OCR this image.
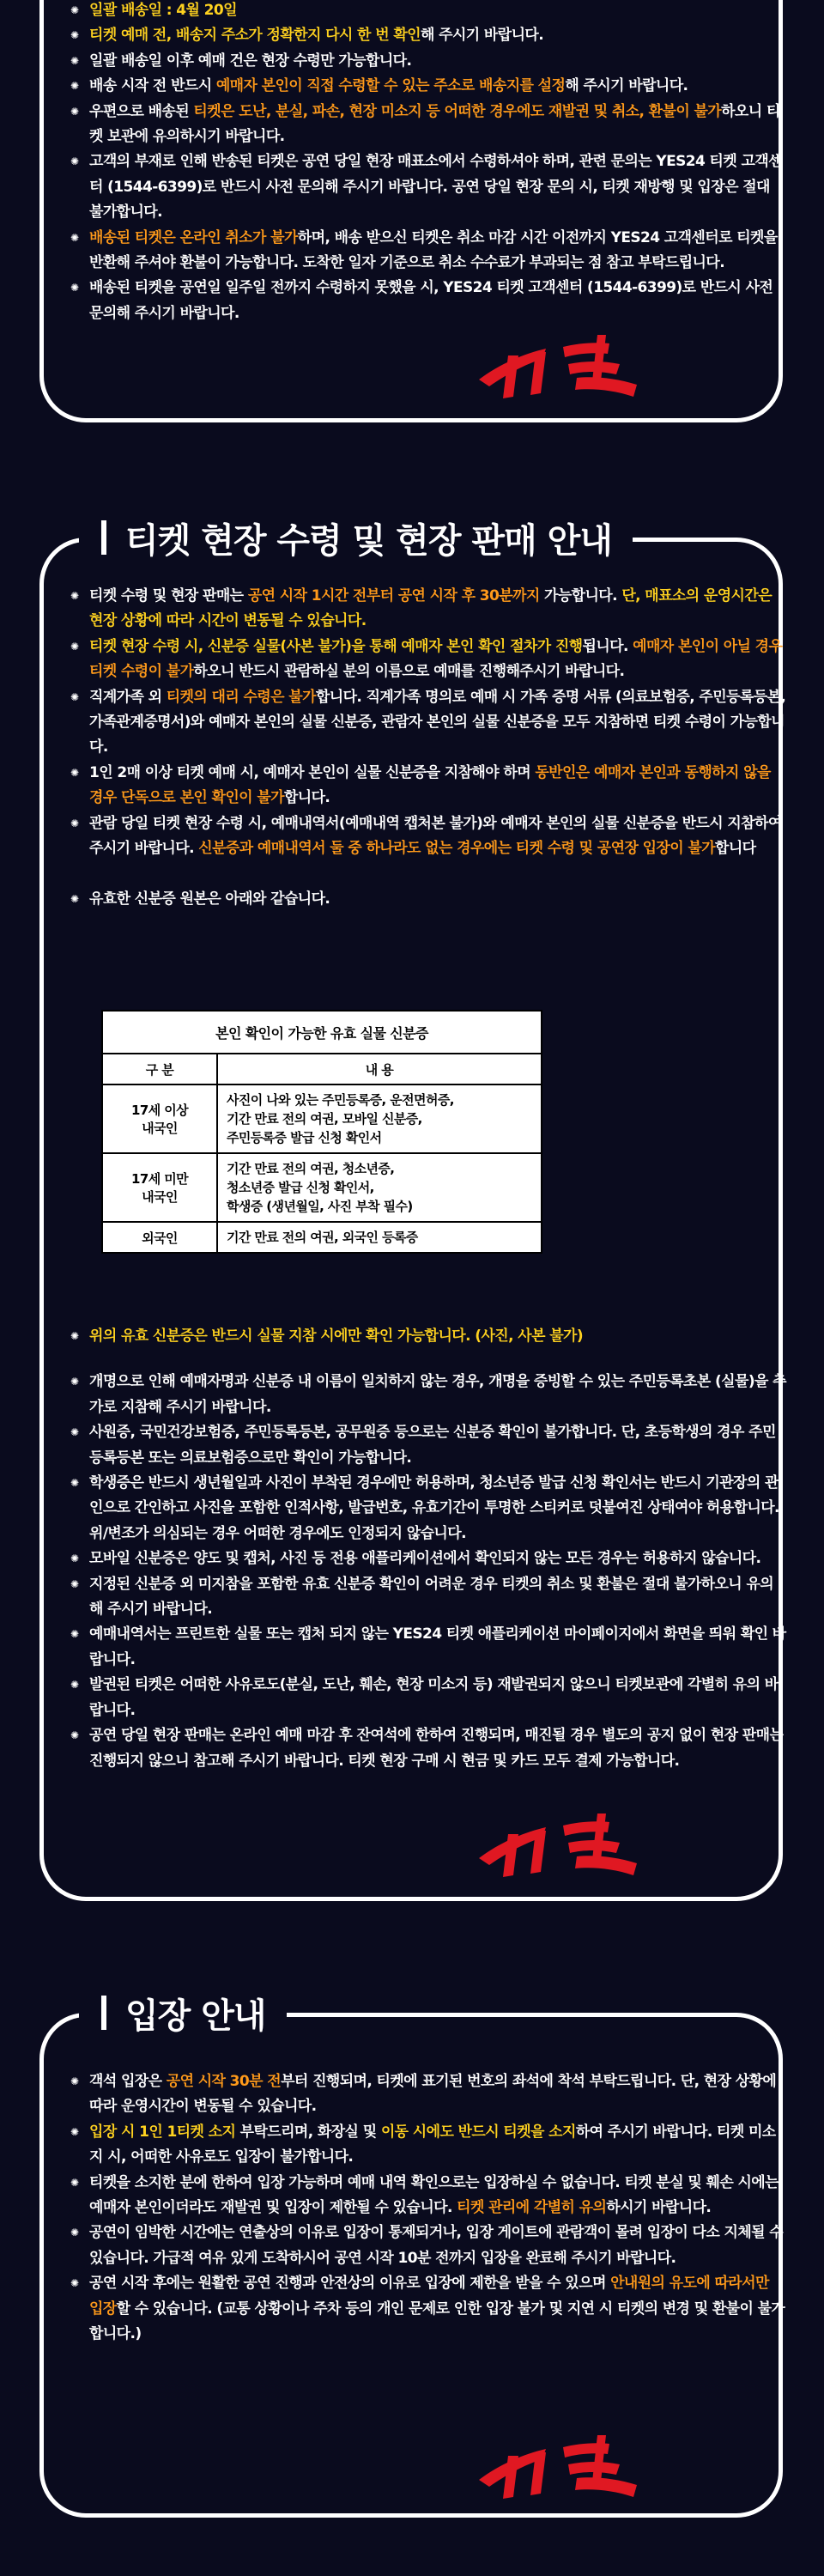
✺ 일괄 배송일 : 4월 20일
✺ 티켓 예매 전, 배송지 주소가 정확한지 다시 한 번 확인해 주시기 바랍니다.
✺ 일괄 배송일 이후 예매 건은 현장 수령만 가능합니다.
✺ 배송 시작 전 반드시 예매자 본인이 직접 수령할 수 있는 주소로 배송지를 설정해 주시기 바랍니다.
✺ 우편으로 배송된 티켓은 도난, 분실, 파손, 현장 미소지 등 어떠한 경우에도 재발권 및 취소, 환불이 불가하오니 티켓 보관에 유의하시기 바랍니다.
✺ 고객의 부재로 인해 반송된 티켓은 공연 당일 현장 매표소에서 수령하셔야 하며, 관련 문의는 YES24 티켓 고객센터 (1544-6399)로 반드시 사전 문의해 주시기 바랍니다. 공연 당일 현장 문의 시, 티켓 재방행 및 입장은 절대 불가합니다.
✺ 배송된 티켓은 온라인 취소가 불가하며, 배송 받으신 티켓은 취소 마감 시간 이전까지 YES24 고객센터로 티켓을 반환해 주셔야 환불이 가능합니다. 도착한 일자 기준으로 취소 수수료가 부과되는 점 참고 부탁드립니다.
✺ 배송된 티켓을 공연일 일주일 전까지 수령하지 못했을 시, YES24 티켓 고객센터 (1544-6399)로 반드시 사전 문의해 주시기 바랍니다.
티켓 현장 수령 및 현장 판매 안내
✺ 티켓 수령 및 현장 판매는 공연 시작 1시간 전부터 공연 시작 후 30분까지 가능합니다. 단, 매표소의 운영시간은 현장 상황에 따라 시간이 변동될 수 있습니다.
✺ 티켓 현장 수령 시, 신분증 실물(사본 불가)을 통해 예매자 본인 확인 절차가 진행됩니다. 예매자 본인이 아닐 경우 티켓 수령이 불가하오니 반드시 관람하실 분의 이름으로 예매를 진행해주시기 바랍니다.
✺ 직계가족 외 티켓의 대리 수령은 불가합니다. 직계가족 명의로 예매 시 가족 증명 서류 (의료보험증, 주민등록등본, 가족관계증명서)와 예매자 본인의 실물 신분증, 관람자 본인의 실물 신분증을 모두 지참하면 티켓 수령이 가능합니다.
✺ 1인 2매 이상 티켓 예매 시, 예매자 본인이 실물 신분증을 지참해야 하며 동반인은 예매자 본인과 동행하지 않을 경우 단독으로 본인 확인이 불가합니다.
✺ 관람 당일 티켓 현장 수령 시, 예매내역서(예매내역 캡처본 불가)와 예매자 본인의 실물 신분증을 반드시 지참하여 주시기 바랍니다. 신분증과 예매내역서 둘 중 하나라도 없는 경우에는 티켓 수령 및 공연장 입장이 불가합니다
✺ 유효한 신분증 원본은 아래와 같습니다.
본인 확인이 가능한 유효 실물 신분증	
구 분	내 용
17세 이상
내국인	사진이 나와 있는 주민등록증, 운전면허증,
기간 만료 전의 여권, 모바일 신분증,
주민등록증 발급 신청 확인서
17세 미만
내국인	기간 만료 전의 여권, 청소년증,
청소년증 발급 신청 확인서,
학생증 (생년월일, 사진 부착 필수)
외국인	기간 만료 전의 여권, 외국인 등록증
✺ 위의 유효 신분증은 반드시 실물 지참 시에만 확인 가능합니다. (사진, 사본 불가)
✺ 개명으로 인해 예매자명과 신분증 내 이름이 일치하지 않는 경우, 개명을 증빙할 수 있는 주민등록초본 (실물)을 추가로 지참해 주시기 바랍니다.
✺ 사원증, 국민건강보험증, 주민등록등본, 공무원증 등으로는 신분증 확인이 불가합니다. 단, 초등학생의 경우 주민등록등본 또는 의료보험증으로만 확인이 가능합니다.
✺ 학생증은 반드시 생년월일과 사진이 부착된 경우에만 허용하며, 청소년증 발급 신청 확인서는 반드시 기관장의 관인으로 간인하고 사진을 포함한 인적사항, 발급번호, 유효기간이 투명한 스티커로 덧붙여진 상태여야 허용합니다. 위/변조가 의심되는 경우 어떠한 경우에도 인정되지 않습니다.
✺ 모바일 신분증은 양도 및 캡처, 사진 등 전용 애플리케이션에서 확인되지 않는 모든 경우는 허용하지 않습니다.
✺ 지정된 신분증 외 미지참을 포함한 유효 신분증 확인이 어려운 경우 티켓의 취소 및 환불은 절대 불가하오니 유의해 주시기 바랍니다.
✺ 예매내역서는 프린트한 실물 또는 캡처 되지 않는 YES24 티켓 애플리케이션 마이페이지에서 화면을 띄워 확인 바랍니다.
✺ 발권된 티켓은 어떠한 사유로도(분실, 도난, 훼손, 현장 미소지 등) 재발권되지 않으니 티켓보관에 각별히 유의 바랍니다.
✺ 공연 당일 현장 판매는 온라인 예매 마감 후 잔여석에 한하여 진행되며, 매진될 경우 별도의 공지 없이 현장 판매는 진행되지 않으니 참고해 주시기 바랍니다. 티켓 현장 구매 시 현금 및 카드 모두 결제 가능합니다.
입장 안내
✺ 객석 입장은 공연 시작 30분 전부터 진행되며, 티켓에 표기된 번호의 좌석에 착석 부탁드립니다. 단, 현장 상황에 따라 운영시간이 변동될 수 있습니다.
✺ 입장 시 1인 1티켓 소지 부탁드리며, 화장실 및 이동 시에도 반드시 티켓을 소지하여 주시기 바랍니다. 티켓 미소지 시, 어떠한 사유로도 입장이 불가합니다.
✺ 티켓을 소지한 분에 한하여 입장 가능하며 예매 내역 확인으로는 입장하실 수 없습니다. 티켓 분실 및 훼손 시에는 예매자 본인이더라도 재발권 및 입장이 제한될 수 있습니다. 티켓 관리에 각별히 유의하시기 바랍니다.
✺ 공연이 임박한 시간에는 연출상의 이유로 입장이 통제되거나, 입장 게이트에 관람객이 몰려 입장이 다소 지체될 수 있습니다. 가급적 여유 있게 도착하시어 공연 시작 10분 전까지 입장을 완료해 주시기 바랍니다.
✺ 공연 시작 후에는 원활한 공연 진행과 안전상의 이유로 입장에 제한을 받을 수 있으며 안내원의 유도에 따라서만 입장할 수 있습니다. (교통 상황이나 주차 등의 개인 문제로 인한 입장 불가 및 지연 시 티켓의 변경 및 환불이 불가합니다.)
